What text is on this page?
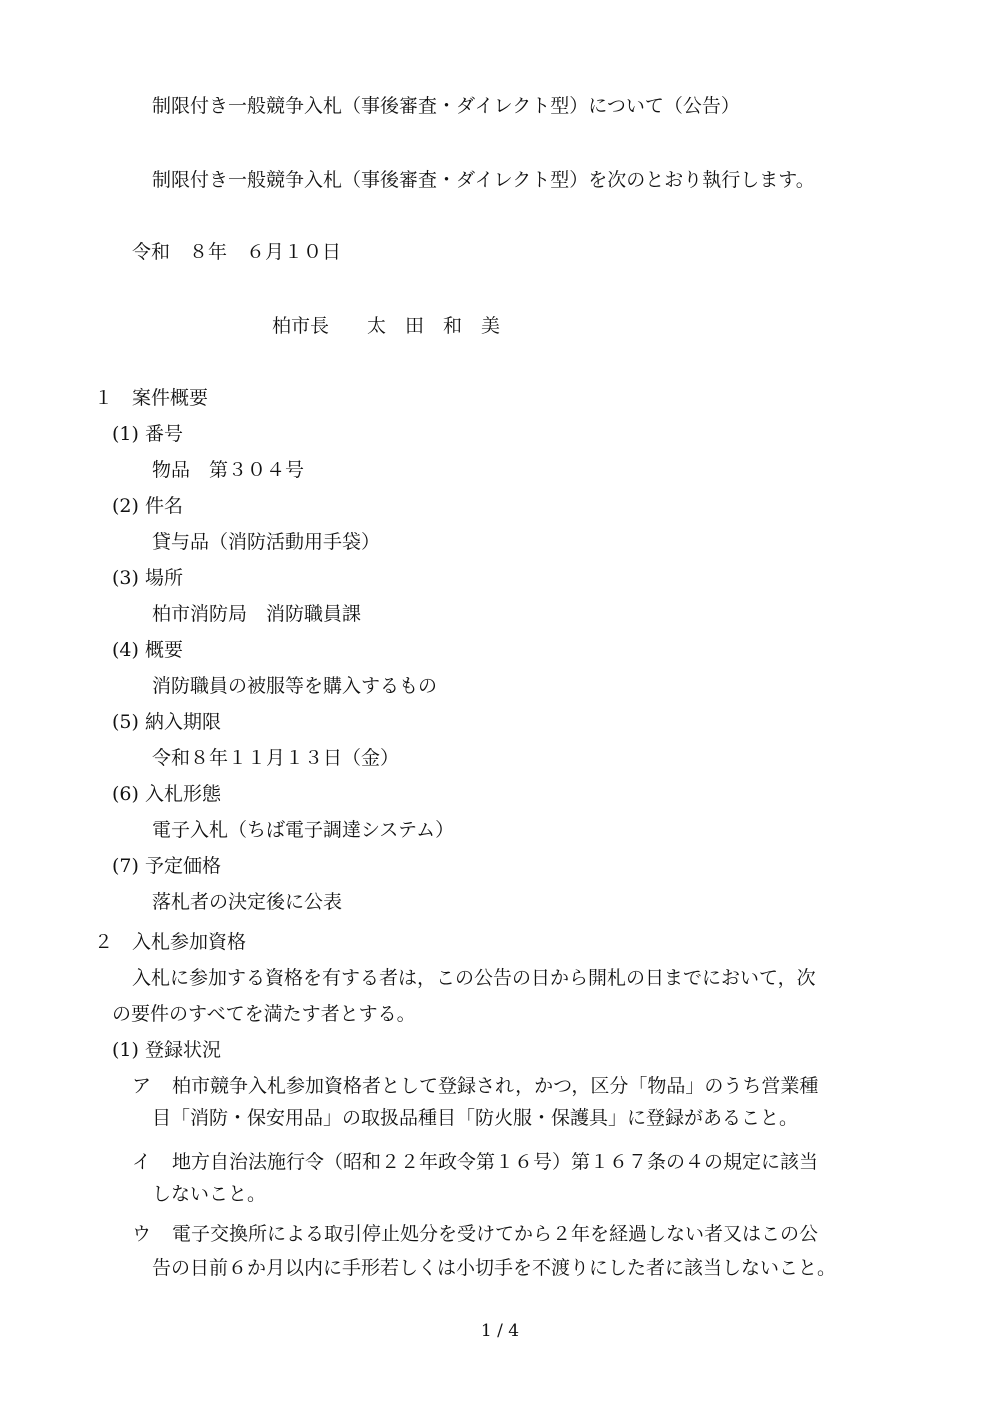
制限付き一般競争入札（事後審査・ダイレクト型）について（公告）
制限付き一般競争入札（事後審査・ダイレクト型）を次のとおり執行します。
令和　８年　６月１０日
柏市長　　太　田　和　美
１　案件概要
(1) 番号
物品　第３０４号
(2) 件名
貸与品（消防活動用手袋）
(3) 場所
柏市消防局　消防職員課
(4) 概要
消防職員の被服等を購入するもの
(5) 納入期限
令和８年１１月１３日（金）
(6) 入札形態
電子入札（ちば電子調達システム）
(7) 予定価格
落札者の決定後に公表
２　入札参加資格
入札に参加する資格を有する者は，この公告の日から開札の日までにおいて，次
の要件のすべてを満たす者とする。
(1) 登録状況
ア 柏市競争入札参加資格者として登録され，かつ，区分「物品」のうち営業種
目「消防・保安用品」の取扱品種目「防火服・保護具」に登録があること。
イ 地方自治法施行令（昭和２２年政令第１６号）第１６７条の４の規定に該当
しないこと。
ウ 電子交換所による取引停止処分を受けてから２年を経過しない者又はこの公
告の日前６か月以内に手形若しくは小切手を不渡りにした者に該当しないこと。
1 / 4
